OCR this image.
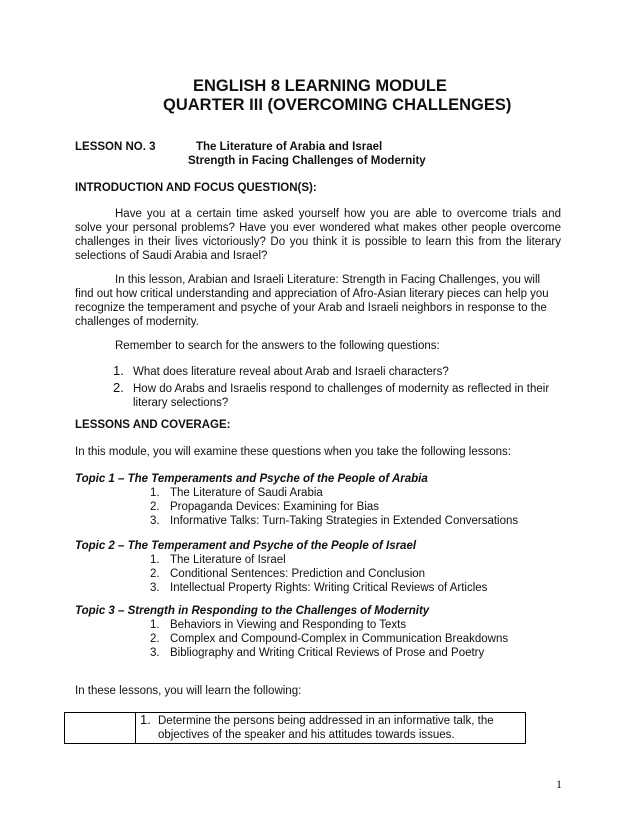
ENGLISH 8 LEARNING MODULE
QUARTER III (OVERCOMING CHALLENGES)
LESSON NO. 3	The Literature of Arabia and Israel
Strength in Facing Challenges of Modernity
INTRODUCTION AND FOCUS QUESTION(S):
Have you at a certain time asked yourself how you are able to overcome trials and solve your personal problems? Have you ever wondered what makes other people overcome challenges in their lives victoriously? Do you think it is possible to learn this from the literary selections of Saudi Arabia and Israel?
In this lesson, Arabian and Israeli Literature: Strength in Facing Challenges, you will find out how critical understanding and appreciation of Afro-Asian literary pieces can help you recognize the temperament and psyche of your Arab and Israeli neighbors in response to the challenges of modernity.
Remember to search for the answers to the following questions:
1. What does literature reveal about Arab and Israeli characters?
2. How do Arabs and Israelis respond to challenges of modernity as reflected in their literary selections?
LESSONS AND COVERAGE:
In this module, you will examine these questions when you take the following lessons:
Topic 1 – The Temperaments and Psyche of the People of Arabia
1. The Literature of Saudi Arabia
2. Propaganda Devices: Examining for Bias
3. Informative Talks: Turn-Taking Strategies in Extended Conversations
Topic 2 – The Temperament and Psyche of the People of Israel
1. The Literature of Israel
2. Conditional Sentences: Prediction and Conclusion
3. Intellectual Property Rights: Writing Critical Reviews of Articles
Topic 3 – Strength in Responding to the Challenges of Modernity
1. Behaviors in Viewing and Responding to Texts
2. Complex and Compound-Complex in Communication Breakdowns
3. Bibliography and Writing Critical Reviews of Prose and Poetry
In these lessons, you will learn the following:

1. Determine the persons being addressed in an informative talk, the objectives of the speaker and his attitudes towards issues.
1
